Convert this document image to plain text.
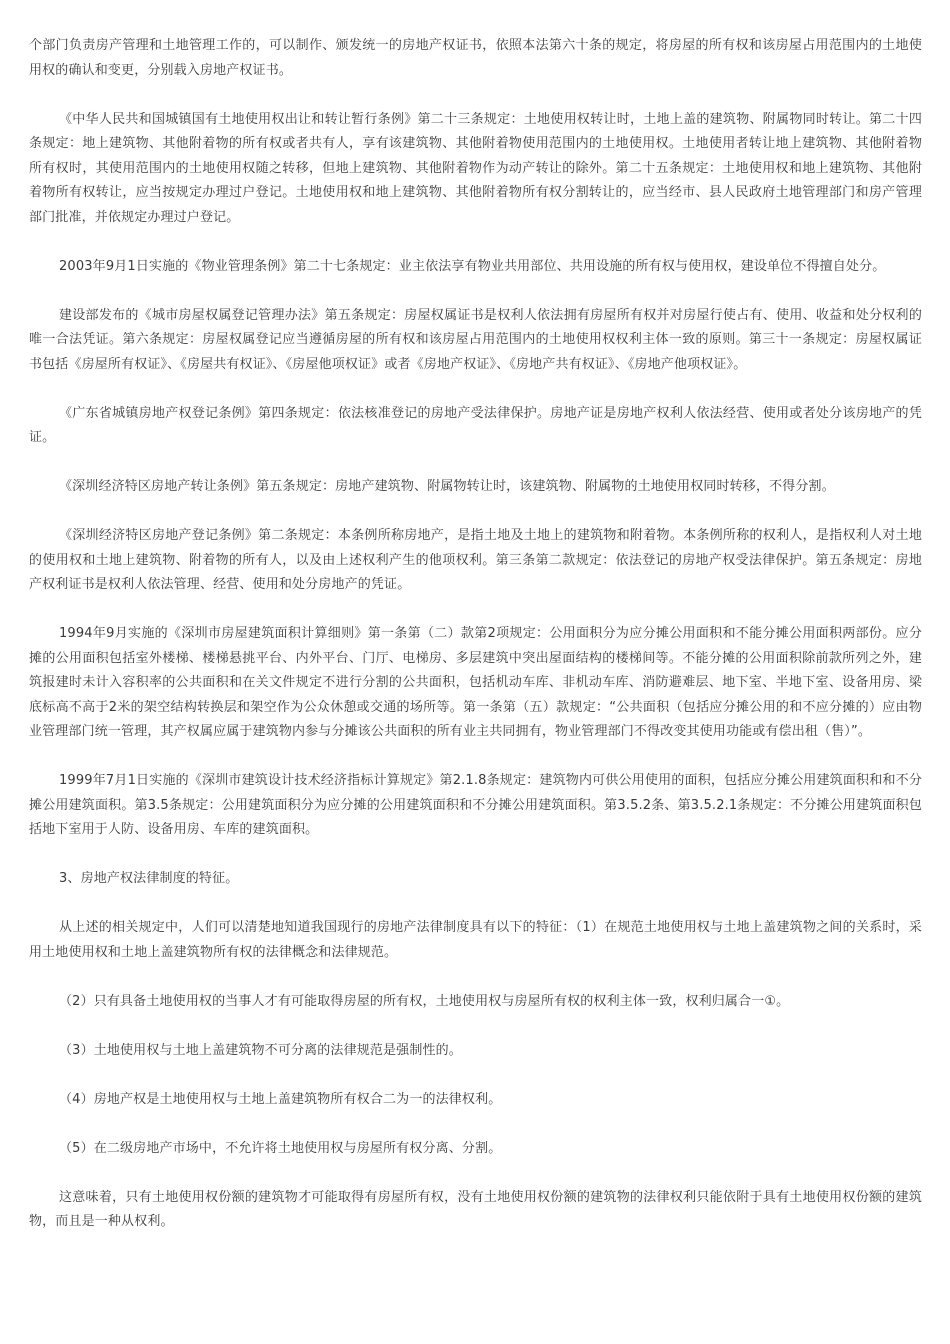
个部门负责房产管理和土地管理工作的，可以制作、颁发统一的房地产权证书，依照本法第六十条的规定，将房屋的所有权和该房屋占用范围内的土地使用权的确认和变更，分别载入房地产权证书。

《中华人民共和国城镇国有土地使用权出让和转让暂行条例》第二十三条规定：土地使用权转让时，土地上盖的建筑物、附属物同时转让。第二十四条规定：地上建筑物、其他附着物的所有权或者共有人，享有该建筑物、其他附着物使用范围内的土地使用权。土地使用者转让地上建筑物、其他附着物所有权时，其使用范围内的土地使用权随之转移，但地上建筑物、其他附着物作为动产转让的除外。第二十五条规定：土地使用权和地上建筑物、其他附着物所有权转让，应当按规定办理过户登记。土地使用权和地上建筑物、其他附着物所有权分割转让的，应当经市、县人民政府土地管理部门和房产管理部门批准，并依规定办理过户登记。

2003年9月1日实施的《物业管理条例》第二十七条规定：业主依法享有物业共用部位、共用设施的所有权与使用权，建设单位不得擅自处分。

建设部发布的《城市房屋权属登记管理办法》第五条规定：房屋权属证书是权利人依法拥有房屋所有权并对房屋行使占有、使用、收益和处分权利的唯一合法凭证。第六条规定：房屋权属登记应当遵循房屋的所有权和该房屋占用范围内的土地使用权权利主体一致的原则。第三十一条规定：房屋权属证书包括《房屋所有权证》、《房屋共有权证》、《房屋他项权证》或者《房地产权证》、《房地产共有权证》、《房地产他项权证》。

《广东省城镇房地产权登记条例》第四条规定：依法核准登记的房地产受法律保护。房地产证是房地产权利人依法经营、使用或者处分该房地产的凭证。

《深圳经济特区房地产转让条例》第五条规定：房地产建筑物、附属物转让时，该建筑物、附属物的土地使用权同时转移，不得分割。

《深圳经济特区房地产登记条例》第二条规定：本条例所称房地产，是指土地及土地上的建筑物和附着物。本条例所称的权利人，是指权利人对土地的使用权和土地上建筑物、附着物的所有人，以及由上述权利产生的他项权利。第三条第二款规定：依法登记的房地产权受法律保护。第五条规定：房地产权利证书是权利人依法管理、经营、使用和处分房地产的凭证。

1994年9月实施的《深圳市房屋建筑面积计算细则》第一条第（二）款第2项规定：公用面积分为应分摊公用面积和不能分摊公用面积两部份。应分摊的公用面积包括室外楼梯、楼梯悬挑平台、内外平台、门厅、电梯房、多层建筑中突出屋面结构的楼梯间等。不能分摊的公用面积除前款所列之外，建筑报建时未计入容积率的公共面积和在关文件规定不进行分割的公共面积，包括机动车库、非机动车库、消防避难层、地下室、半地下室、设备用房、梁底标高不高于2米的架空结构转换层和架空作为公众休憩或交通的场所等。第一条第（五）款规定：“公共面积（包括应分摊公用的和不应分摊的）应由物业管理部门统一管理，其产权属应属于建筑物内参与分摊该公共面积的所有业主共同拥有，物业管理部门不得改变其使用功能或有偿出租（售）”。

1999年7月1日实施的《深圳市建筑设计技术经济指标计算规定》第2.1.8条规定：建筑物内可供公用使用的面积，包括应分摊公用建筑面积和和不分摊公用建筑面积。第3.5条规定：公用建筑面积分为应分摊的公用建筑面积和不分摊公用建筑面积。第3.5.2条、第3.5.2.1条规定：不分摊公用建筑面积包括地下室用于人防、设备用房、车库的建筑面积。

3、房地产权法律制度的特征。

从上述的相关规定中，人们可以清楚地知道我国现行的房地产法律制度具有以下的特征：（1）在规范土地使用权与土地上盖建筑物之间的关系时，采用土地使用权和土地上盖建筑物所有权的法律概念和法律规范。

（2）只有具备土地使用权的当事人才有可能取得房屋的所有权，土地使用权与房屋所有权的权利主体一致，权利归属合一①。

（3）土地使用权与土地上盖建筑物不可分离的法律规范是强制性的。

（4）房地产权是土地使用权与土地上盖建筑物所有权合二为一的法律权利。

（5）在二级房地产市场中，不允许将土地使用权与房屋所有权分离、分割。

这意味着，只有土地使用权份额的建筑物才可能取得有房屋所有权，没有土地使用权份额的建筑物的法律权利只能依附于具有土地使用权份额的建筑物，而且是一种从权利。
